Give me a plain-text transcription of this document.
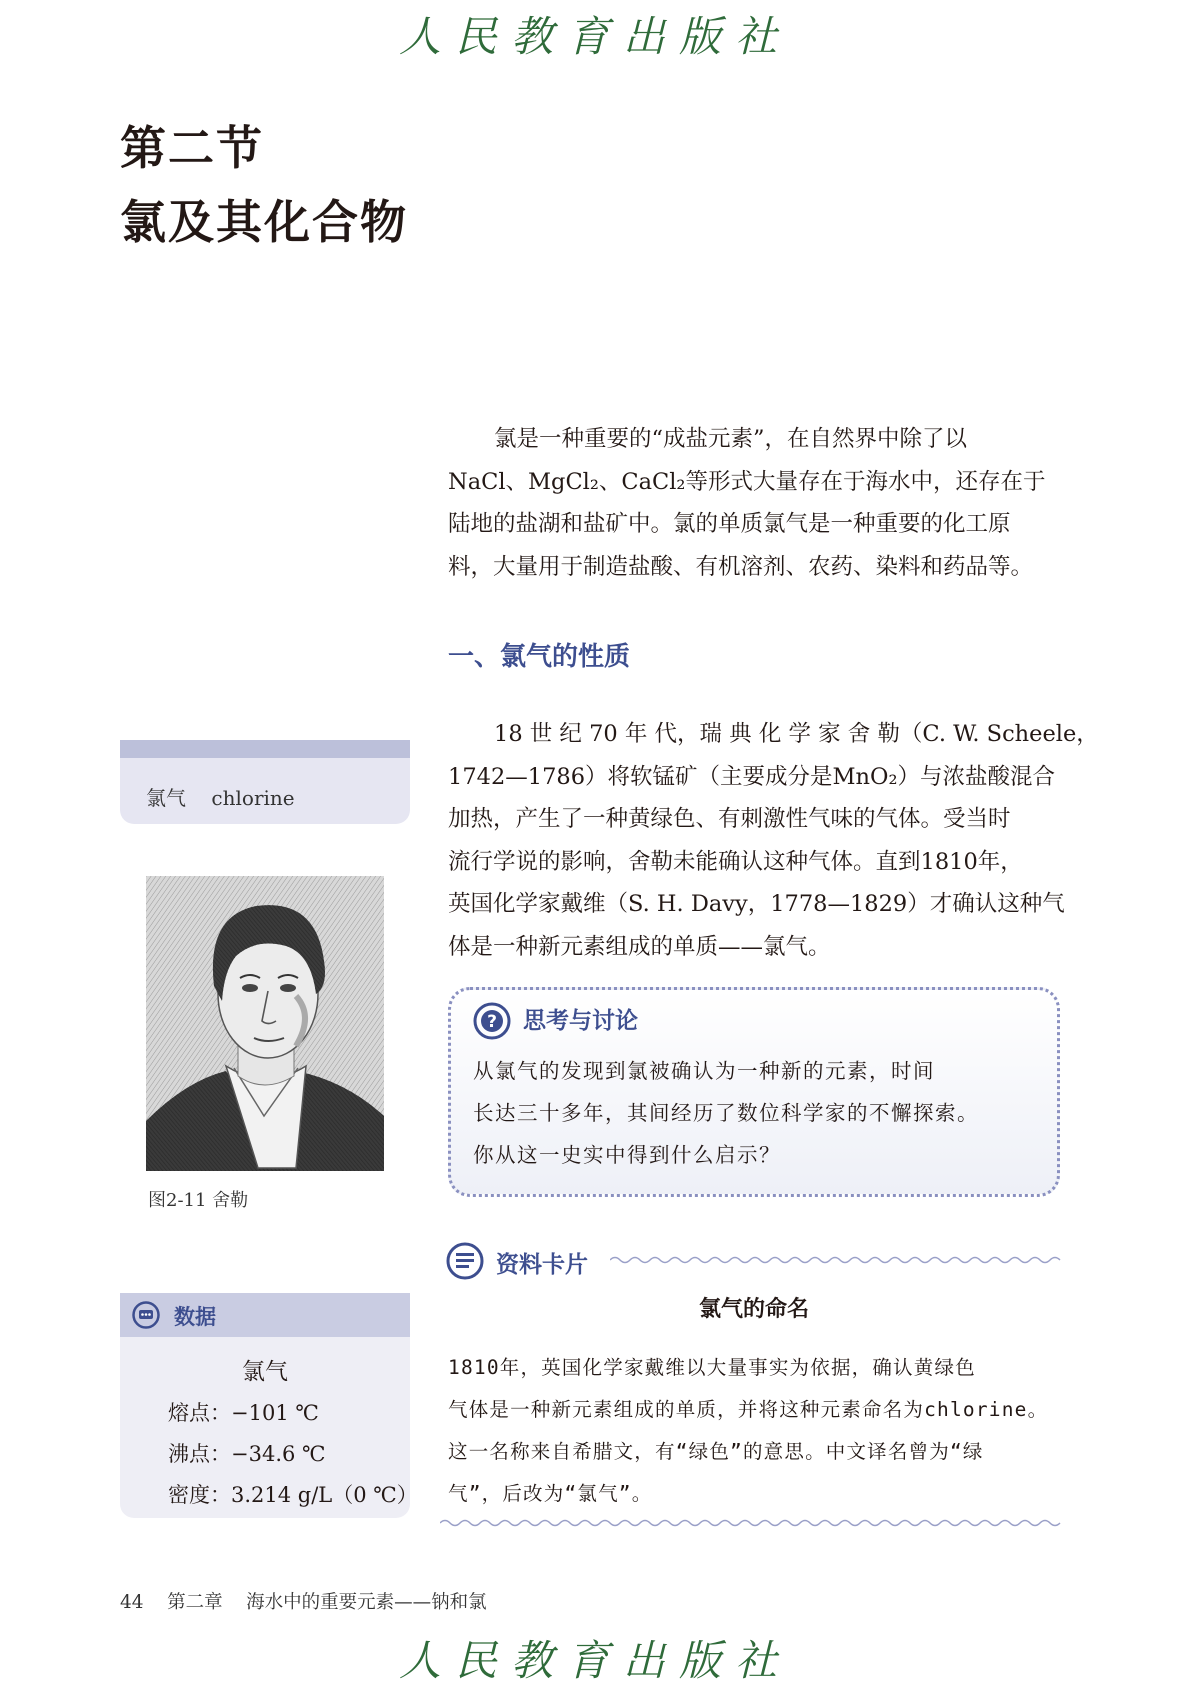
人民教育出版社
第二节
氯及其化合物
氯是一种重要的“成盐元素”，在自然界中除了以
NaCl、MgCl₂、CaCl₂等形式大量存在于海水中，还存在于
陆地的盐湖和盐矿中。氯的单质氯气是一种重要的化工原
料，大量用于制造盐酸、有机溶剂、农药、染料和药品等。
一、氯气的性质
18 世 纪 70 年 代，瑞 典 化 学 家 舍 勒（C. W. Scheele，
1742—1786）将软锰矿（主要成分是MnO₂）与浓盐酸混合
加热，产生了一种黄绿色、有刺激性气味的气体。受当时
流行学说的影响，舍勒未能确认这种气体。直到1810年，
英国化学家戴维（S. H. Davy，1778—1829）才确认这种气
体是一种新元素组成的单质——氯气。
氯气    chlorine
图2-11 舍勒
数据
氯气
熔点：−101 ℃
沸点：−34.6 ℃
密度：3.214 g/L（0 ℃）
? 思考与讨论
从氯气的发现到氯被确认为一种新的元素，时间
长达三十多年，其间经历了数位科学家的不懈探索。
你从这一史实中得到什么启示？
资料卡片
氯气的命名
1810年，英国化学家戴维以大量事实为依据，确认黄绿色
气体是一种新元素组成的单质，并将这种元素命名为chlorine。
这一名称来自希腊文，有“绿色”的意思。中文译名曾为“绿
气”，后改为“氯气”。
44 第二章    海水中的重要元素——钠和氯
人民教育出版社
